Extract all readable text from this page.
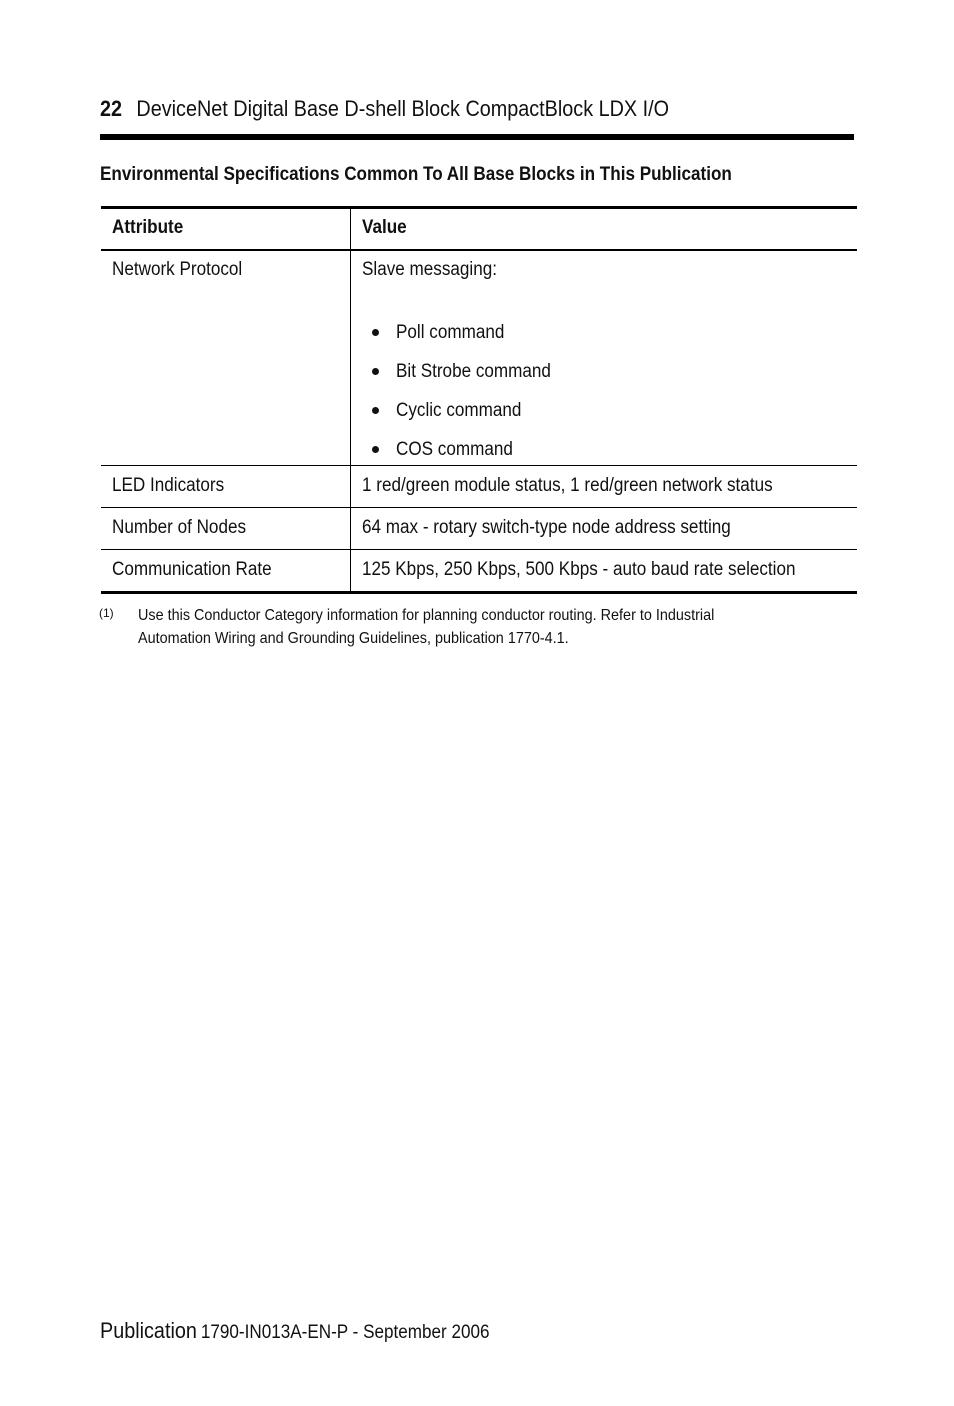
22 DeviceNet Digital Base D-shell Block CompactBlock LDX I/O
Environmental Specifications Common To All Base Blocks in This Publication
Attribute	Value
Network Protocol	Slave messaging:
Poll command
Bit Strobe command
Cyclic command
COS command
LED Indicators	1 red/green module status, 1 red/green network status
Number of Nodes	64 max - rotary switch-type node address setting
Communication Rate	125 Kbps, 250 Kbps, 500 Kbps - auto baud rate selection
(1) Use this Conductor Category information for planning conductor routing. Refer to Industrial
Automation Wiring and Grounding Guidelines, publication 1770-4.1.
Publication 1790-IN013A-EN-P - September 2006
